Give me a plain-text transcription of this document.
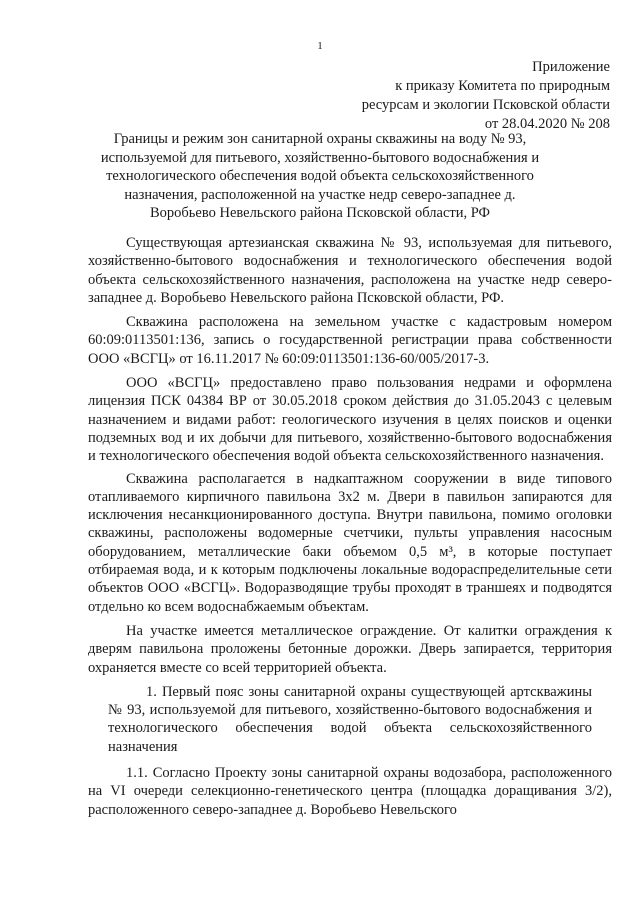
1
Приложение
к приказу Комитета по природным
ресурсам и экологии Псковской области
от 28.04.2020 № 208
Границы и режим зон санитарной охраны скважины на воду № 93, используемой для питьевого, хозяйственно-бытового водоснабжения и технологического обеспечения водой объекта сельскохозяйственного назначения, расположенной на участке недр северо-западнее д. Воробьево Невельского района Псковской области, РФ

Существующая артезианская скважина № 93, используемая для питьевого, хозяйственно-бытового водоснабжения и технологического обеспечения водой объекта сельскохозяйственного назначения, расположена на участке недр северо-западнее д. Воробьево Невельского района Псковской области, РФ.

Скважина расположена на земельном участке с кадастровым номером 60:09:0113501:136, запись о государственной регистрации права собственности ООО «ВСГЦ» от 16.11.2017 № 60:09:0113501:136-60/005/2017-3.

ООО «ВСГЦ» предоставлено право пользования недрами и оформлена лицензия ПСК 04384 ВР от 30.05.2018 сроком действия до 31.05.2043 с целевым назначением и видами работ: геологического изучения в целях поисков и оценки подземных вод и их добычи для питьевого, хозяйственно-бытового водоснабжения и технологического обеспечения водой объекта сельскохозяйственного назначения.

Скважина располагается в надкаптажном сооружении в виде типового отапливаемого кирпичного павильона 3х2 м. Двери в павильон запираются для исключения несанкционированного доступа. Внутри павильона, помимо оголовки скважины, расположены водомерные счетчики, пульты управления насосным оборудованием, металлические баки объемом 0,5 м³, в которые поступает отбираемая вода, и к которым подключены локальные водораспределительные сети объектов ООО «ВСГЦ». Водоразводящие трубы проходят в траншеях и подводятся отдельно ко всем водоснабжаемым объектам.

На участке имеется металлическое ограждение. От калитки ограждения к дверям павильона проложены бетонные дорожки. Дверь запирается, территория охраняется вместе со всей территорией объекта.

1. Первый пояс зоны санитарной охраны существующей артскважины № 93, используемой для питьевого, хозяйственно-бытового водоснабжения и технологического обеспечения водой объекта сельскохозяйственного назначения

1.1. Согласно Проекту зоны санитарной охраны водозабора, расположенного на VI очереди селекционно-генетического центра (площадка доращивания 3/2), расположенного северо-западнее д. Воробьево Невельского
